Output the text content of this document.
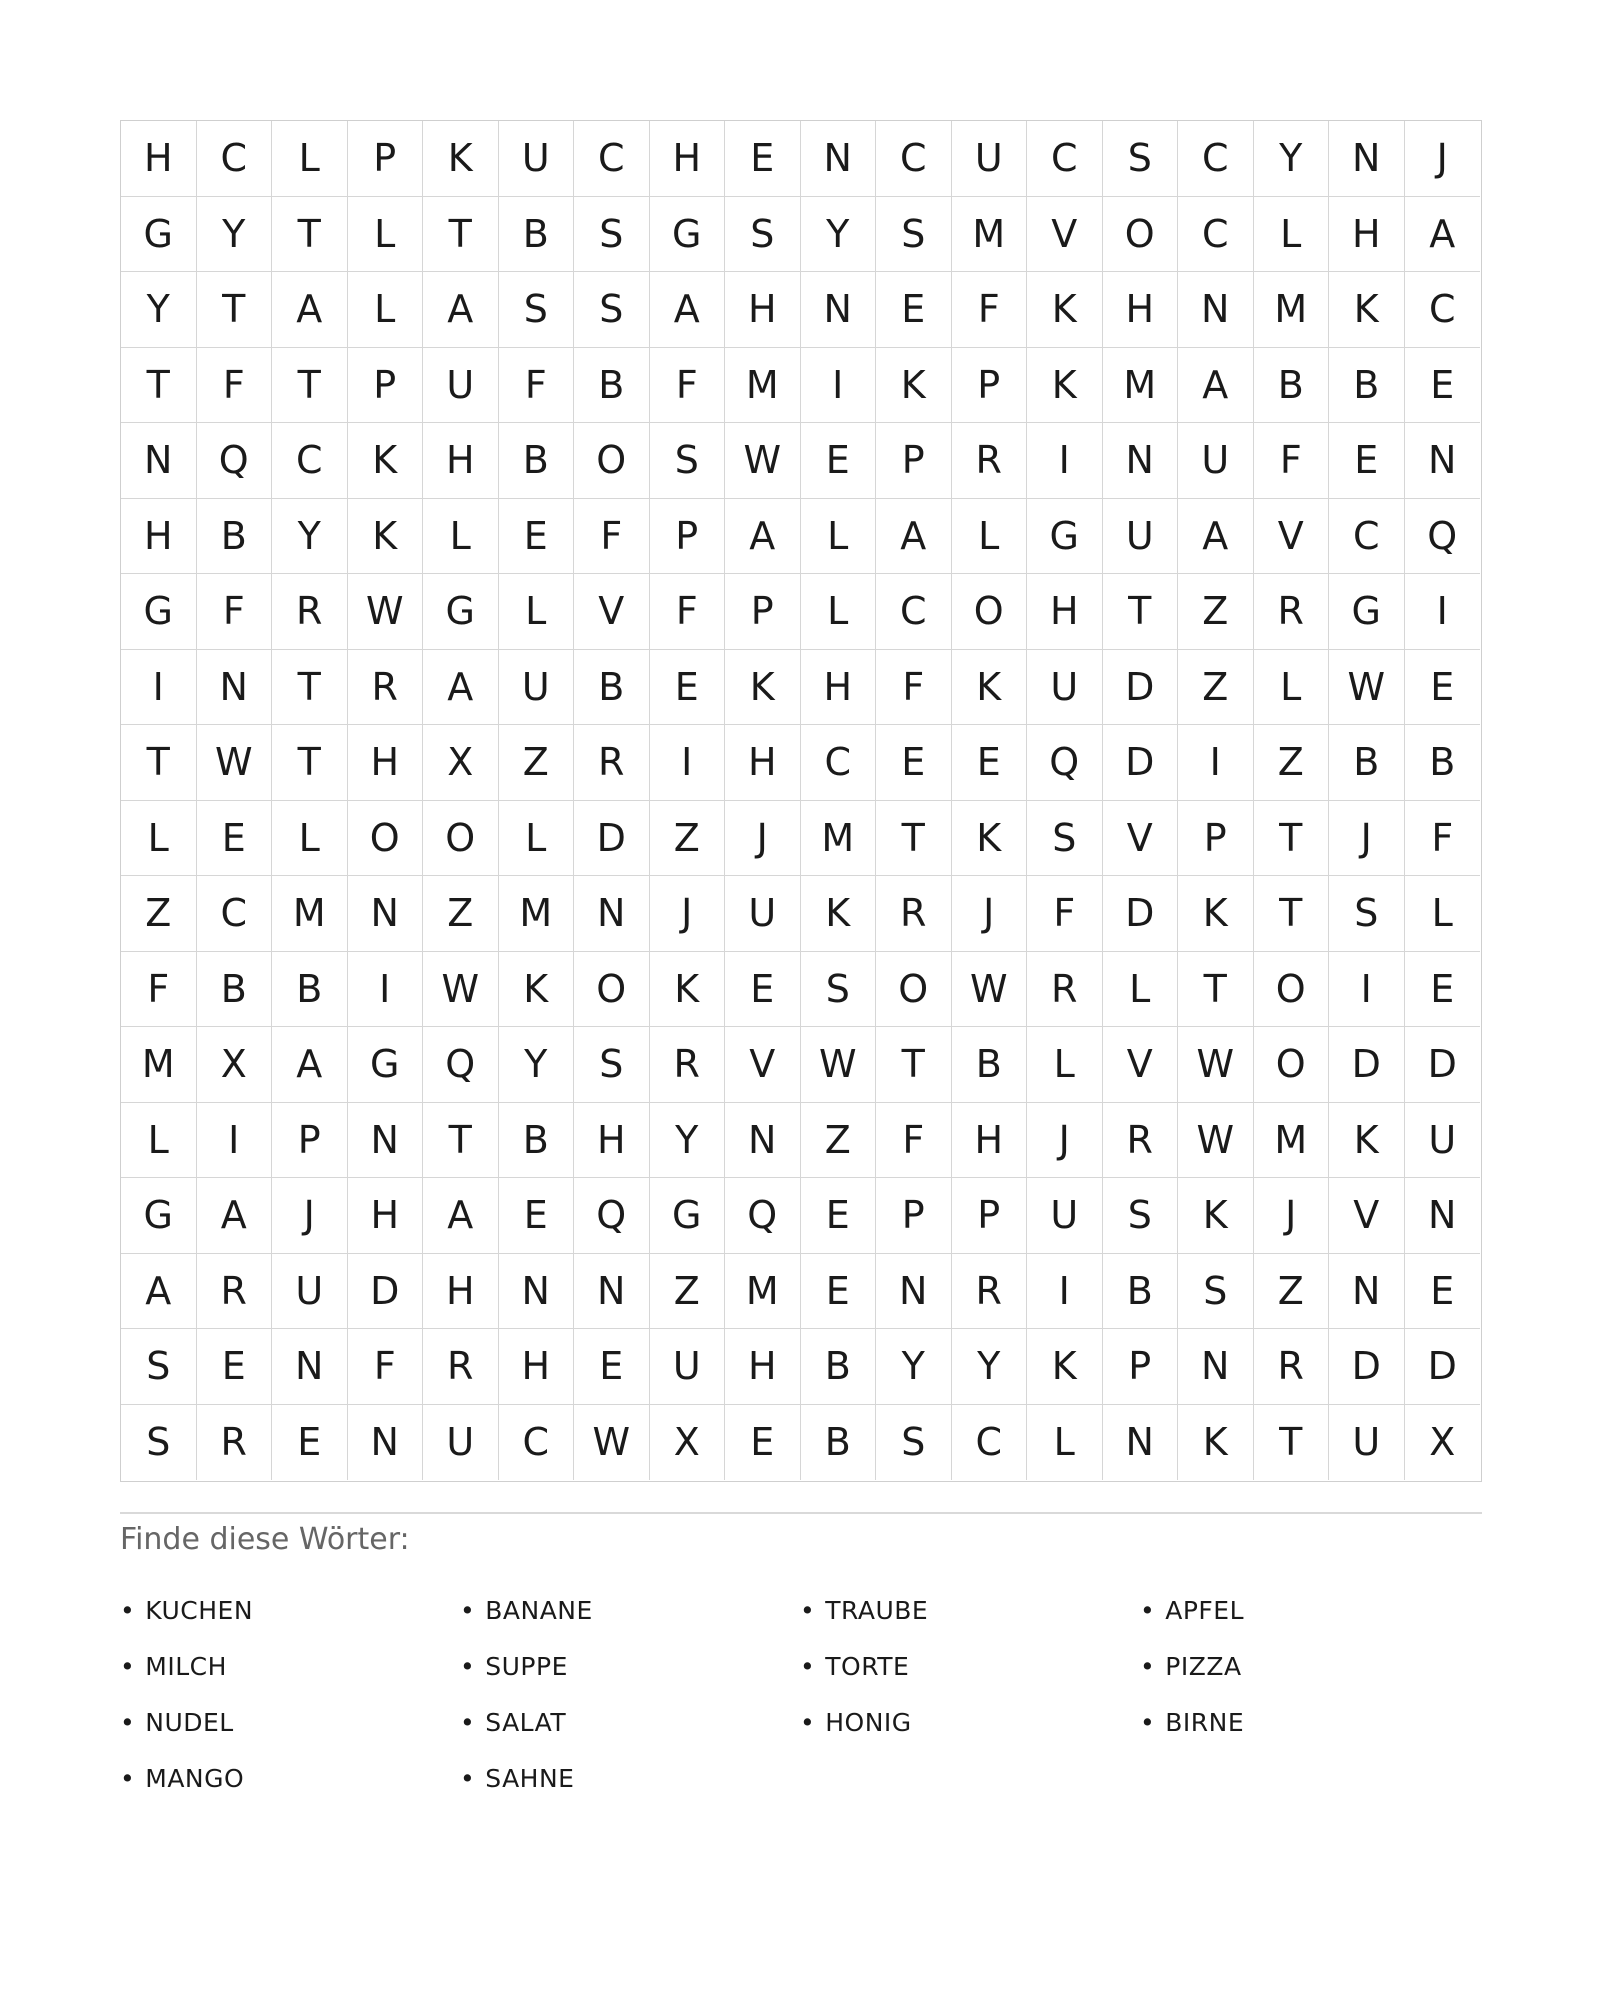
H	C	L	P	K	U	C	H	E	N	C	U	C	S	C	Y	N	J
G	Y	T	L	T	B	S	G	S	Y	S	M	V	O	C	L	H	A
Y	T	A	L	A	S	S	A	H	N	E	F	K	H	N	M	K	C
T	F	T	P	U	F	B	F	M	I	K	P	K	M	A	B	B	E
N	Q	C	K	H	B	O	S	W	E	P	R	I	N	U	F	E	N
H	B	Y	K	L	E	F	P	A	L	A	L	G	U	A	V	C	Q
G	F	R	W	G	L	V	F	P	L	C	O	H	T	Z	R	G	I
I	N	T	R	A	U	B	E	K	H	F	K	U	D	Z	L	W	E
T	W	T	H	X	Z	R	I	H	C	E	E	Q	D	I	Z	B	B
L	E	L	O	O	L	D	Z	J	M	T	K	S	V	P	T	J	F
Z	C	M	N	Z	M	N	J	U	K	R	J	F	D	K	T	S	L
F	B	B	I	W	K	O	K	E	S	O	W	R	L	T	O	I	E
M	X	A	G	Q	Y	S	R	V	W	T	B	L	V	W	O	D	D
L	I	P	N	T	B	H	Y	N	Z	F	H	J	R	W	M	K	U
G	A	J	H	A	E	Q	G	Q	E	P	P	U	S	K	J	V	N
A	R	U	D	H	N	N	Z	M	E	N	R	I	B	S	Z	N	E
S	E	N	F	R	H	E	U	H	B	Y	Y	K	P	N	R	D	D
S	R	E	N	U	C	W	X	E	B	S	C	L	N	K	T	U	X
Finde diese Wörter:
• KUCHEN	• BANANE	• TRAUBE	• APFEL
• MILCH	• SUPPE	• TORTE	• PIZZA
• NUDEL	• SALAT	• HONIG	• BIRNE
• MANGO	• SAHNE
